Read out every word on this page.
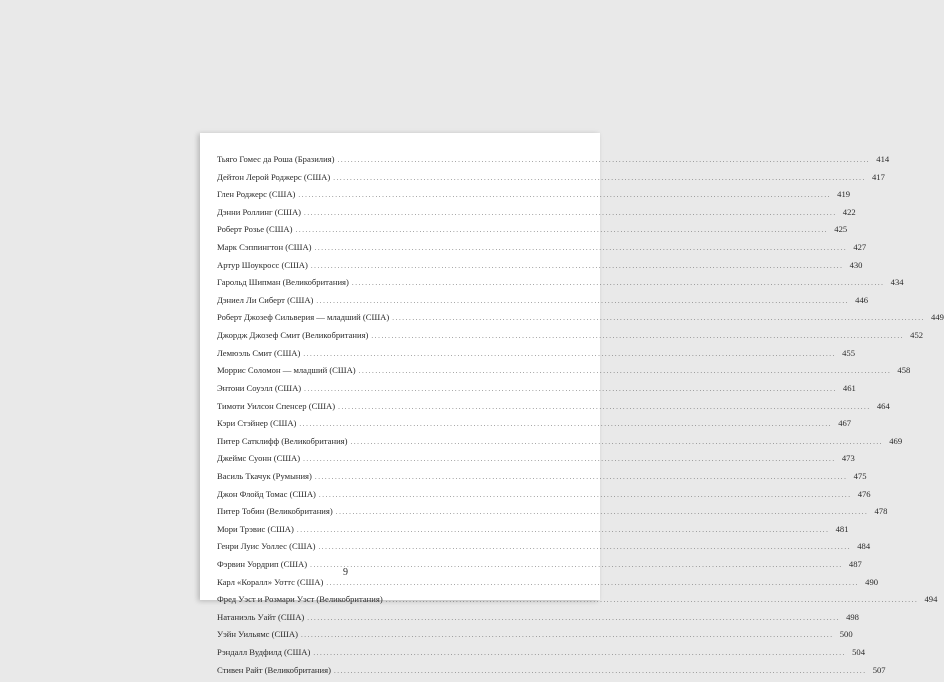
Тьяго Гомес да Роша (Бразилия) .....	414
Дейтон Лерой Роджерс (США) .....	417
Глен Роджерс (США) .....	419
Дэнни Роллинг (США) .....	422
Роберт Розье (США) .....	425
Марк Сэппингтон (США) .....	427
Артур Шоукросс (США) .....	430
Гарольд Шипман (Великобритания) .....	434
Дэниел Ли Сиберт (США) .....	446
Роберт Джозеф Сильверия — младший (США) .....	449
Джордж Джозеф Смит (Великобритания) .....	452
Лемюэль Смит (США) .....	455
Моррис Соломон — младший (США) .....	458
Энтони Соуэлл (США) .....	461
Тимоти Уилсон Спенсер (США) .....	464
Кэри Стэйнер (США) .....	467
Питер Сатклифф (Великобритания) .....	469
Джеймс Суонн (США) .....	473
Василь Ткачук (Румыния) .....	475
Джон Флойд Томас (США) .....	476
Питер Тобин (Великобритания) .....	478
Мори Трэвис (США) .....	481
Генри Луис Уоллес (США) .....	484
Фэрвин Уордрип (США) .....	487
Карл «Коралл» Уоттс (США) .....	490
Фред Уэст и Розмари Уэст (Великобритания) .....	494
Натаниэль Уайт (США) .....	498
Уэйн Уильямс (США) .....	500
Рэндалл Вудфилд (США) .....	504
Стивен Райт (Великобритания) .....	507
9
